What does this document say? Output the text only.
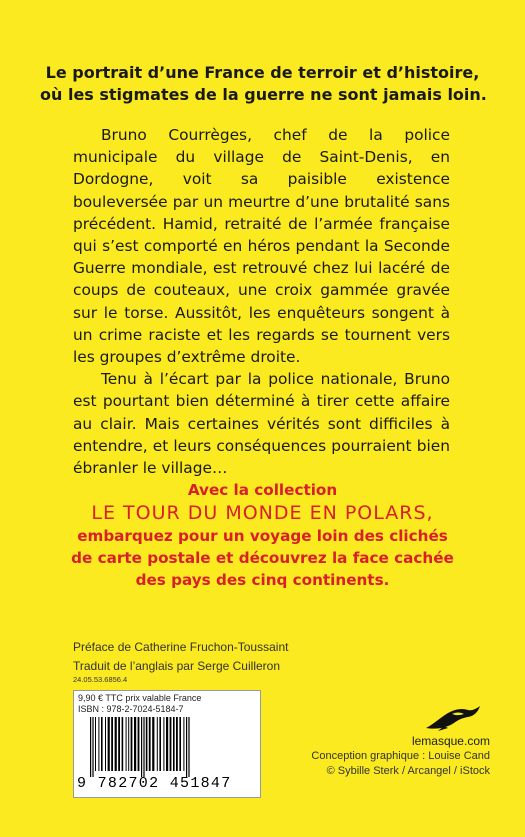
Le portrait d’une France de terroir et d’histoire,
où les stigmates de la guerre ne sont jamais loin.

Bruno Courrèges, chef de la police municipale du village de Saint-Denis, en Dordogne, voit sa paisible existence bouleversée par un meurtre d’une brutalité sans précédent. Hamid, retraité de l’armée française qui s’est comporté en héros pendant la Seconde Guerre mondiale, est retrouvé chez lui lacéré de coups de couteaux, une croix gammée gravée sur le torse. Aussitôt, les enquêteurs songent à un crime raciste et les regards se tournent vers les groupes d’extrême droite.

Tenu à l’écart par la police nationale, Bruno est pourtant bien déterminé à tirer cette affaire au clair. Mais certaines vérités sont difficiles à entendre, et leurs conséquences pourraient bien ébranler le village…

Avec la collection
LE TOUR DU MONDE EN POLARS,
embarquez pour un voyage loin des clichés
de carte postale et découvrez la face cachée
des pays des cinq continents.
Préface de Catherine Fruchon-Toussaint
Traduit de l’anglais par Serge Cuilleron
24.05.53.6856.4
9,90 € TTC prix valable France
ISBN : 978-2-7024-5184-7
9 782702 451847
lemasque.com
Conception graphique : Louise Cand
© Sybille Sterk / Arcangel / iStock
